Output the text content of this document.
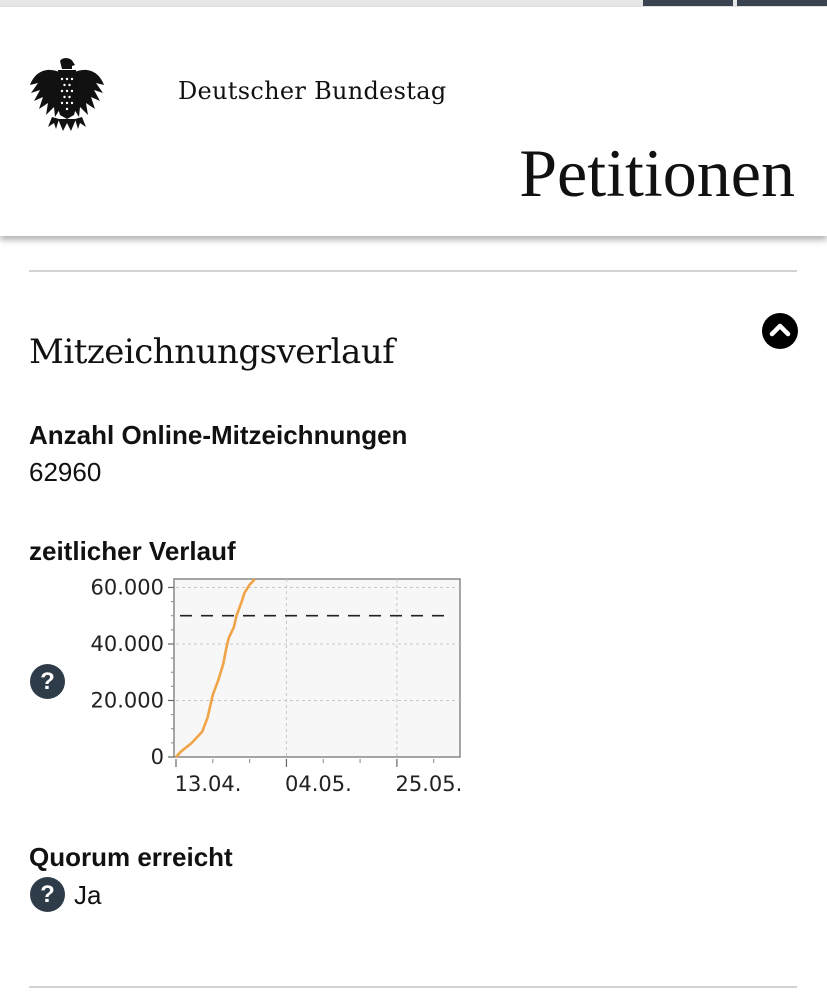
Deutscher Bundestag
Petitionen
Mitzeichnungsverlauf
Anzahl Online-Mitzeichnungen
62960
zeitlicher Verlauf
?
0
20.000
40.000
60.000
13.04. 04.05. 25.05.
Quorum erreicht
? Ja
